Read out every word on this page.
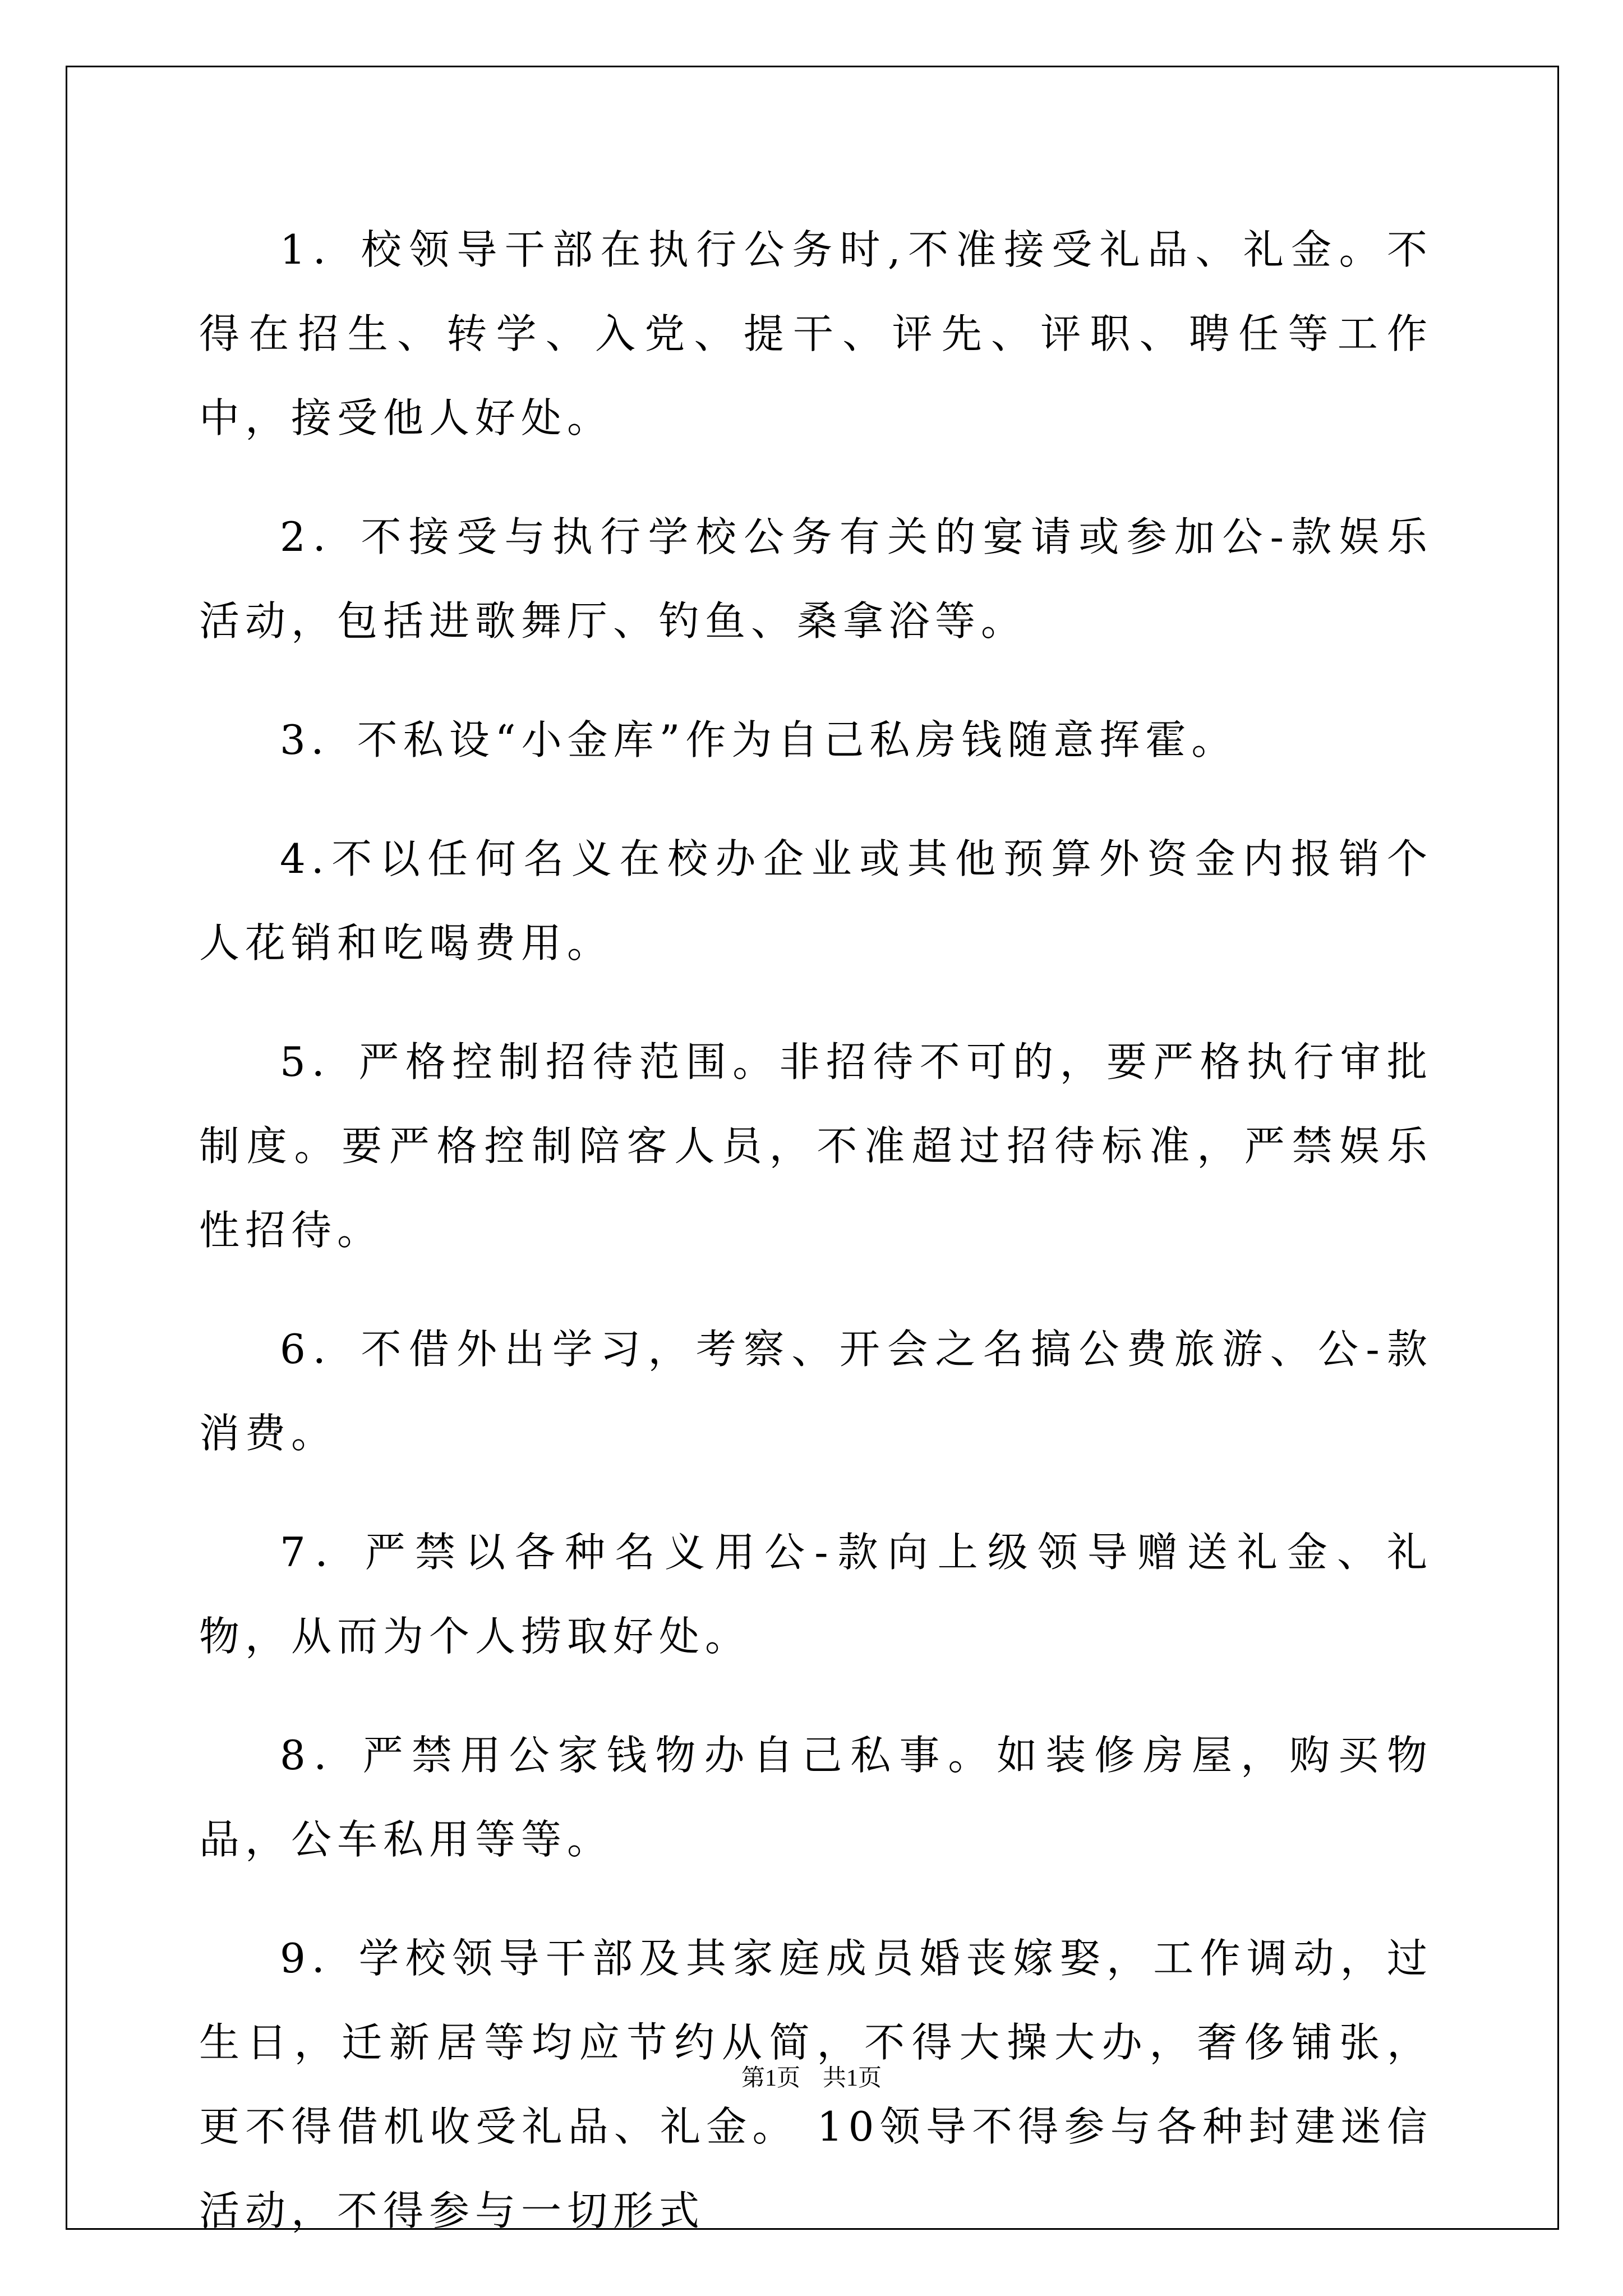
1．校领导干部在执行公务时,不准接受礼品、礼金。不得在招生、转学、入党、提干、评先、评职、聘任等工作中，接受他人好处。

2．不接受与执行学校公务有关的宴请或参加公-款娱乐活动，包括进歌舞厅、钓鱼、桑拿浴等。

3．不私设“小金库”作为自己私房钱随意挥霍。

4.不以任何名义在校办企业或其他预算外资金内报销个人花销和吃喝费用。

5．严格控制招待范围。非招待不可的，要严格执行审批制度。要严格控制陪客人员，不准超过招待标准，严禁娱乐性招待。

6．不借外出学习，考察、开会之名搞公费旅游、公-款消费。

7．严禁以各种名义用公-款向上级领导赠送礼金、礼物，从而为个人捞取好处。

8．严禁用公家钱物办自己私事。如装修房屋，购买物品，公车私用等等。

9．学校领导干部及其家庭成员婚丧嫁娶，工作调动，过生日，迁新居等均应节约从简，不得大操大办，奢侈铺张，更不得借机收受礼品、礼金。 10领导不得参与各种封建迷信活动，不得参与一切形式

第1页 共1页
